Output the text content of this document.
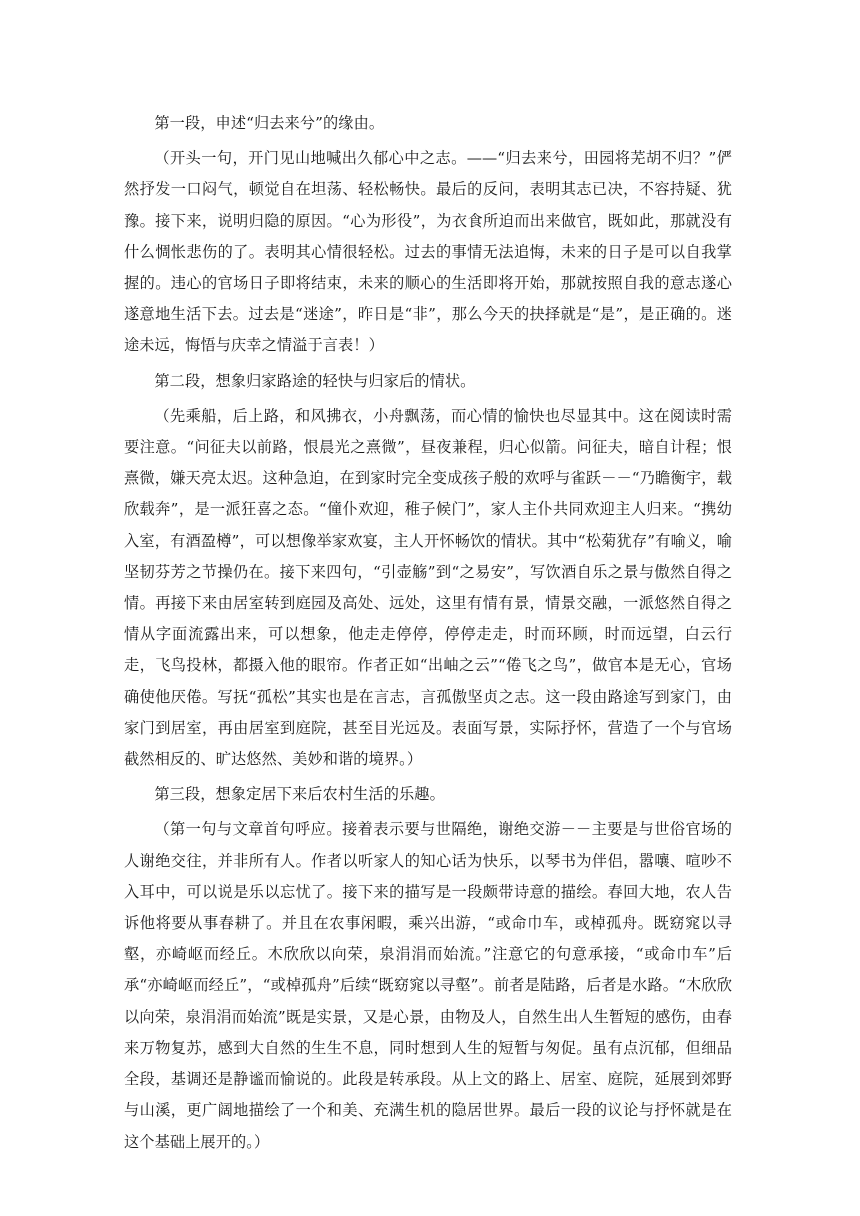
第一段，申述“归去来兮”的缘由。

（开头一句，开门见山地喊出久郁心中之志。——“归去来兮，田园将芜胡不归？”俨然抒发一口闷气，顿觉自在坦荡、轻松畅快。最后的反问，表明其志已决，不容持疑、犹豫。接下来，说明归隐的原因。“心为形役”，为衣食所迫而出来做官，既如此，那就没有什么惆怅悲伤的了。表明其心情很轻松。过去的事情无法追悔，未来的日子是可以自我掌握的。违心的官场日子即将结束，未来的顺心的生活即将开始，那就按照自我的意志遂心遂意地生活下去。过去是“迷途”，昨日是“非”，那么今天的抉择就是“是”，是正确的。迷途未远，悔悟与庆幸之情溢于言表！）

第二段，想象归家路途的轻快与归家后的情状。

（先乘船，后上路，和风拂衣，小舟飘荡，而心情的愉快也尽显其中。这在阅读时需要注意。“问征夫以前路，恨晨光之熹微”，昼夜兼程，归心似箭。问征夫，暗自计程；恨熹微，嫌天亮太迟。这种急迫，在到家时完全变成孩子般的欢呼与雀跃－－“乃瞻衡宇，载欣载奔”，是一派狂喜之态。“僮仆欢迎，稚子候门”，家人主仆共同欢迎主人归来。“携幼入室，有酒盈樽”，可以想像举家欢宴，主人开怀畅饮的情状。其中“松菊犹存”有喻义，喻坚韧芬芳之节操仍在。接下来四句，“引壶觞”到“之易安”，写饮酒自乐之景与傲然自得之情。再接下来由居室转到庭园及高处、远处，这里有情有景，情景交融，一派悠然自得之情从字面流露出来，可以想象，他走走停停，停停走走，时而环顾，时而远望，白云行走，飞鸟投林，都摄入他的眼帘。作者正如“出岫之云”“倦飞之鸟”，做官本是无心，官场确使他厌倦。写抚“孤松”其实也是在言志，言孤傲坚贞之志。这一段由路途写到家门，由家门到居室，再由居室到庭院，甚至目光远及。表面写景，实际抒怀，营造了一个与官场截然相反的、旷达悠然、美妙和谐的境界。）

第三段，想象定居下来后农村生活的乐趣。

（第一句与文章首句呼应。接着表示要与世隔绝，谢绝交游－－主要是与世俗官场的人谢绝交往，并非所有人。作者以听家人的知心话为快乐，以琴书为伴侣，嚣嚷、喧吵不入耳中，可以说是乐以忘忧了。接下来的描写是一段颇带诗意的描绘。春回大地，农人告诉他将要从事春耕了。并且在农事闲暇，乘兴出游，“或命巾车，或棹孤舟。既窈窕以寻壑，亦崎岖而经丘。木欣欣以向荣，泉涓涓而始流。”注意它的句意承接，“或命巾车”后承“亦崎岖而经丘”，“或棹孤舟”后续“既窈窕以寻壑”。前者是陆路，后者是水路。“木欣欣以向荣，泉涓涓而始流”既是实景，又是心景，由物及人，自然生出人生暂短的感伤，由春来万物复苏，感到大自然的生生不息，同时想到人生的短暂与匆促。虽有点沉郁，但细品全段，基调还是静谧而愉说的。此段是转承段。从上文的路上、居室、庭院，延展到郊野与山溪，更广阔地描绘了一个和美、充满生机的隐居世界。最后一段的议论与抒怀就是在这个基础上展开的。）
